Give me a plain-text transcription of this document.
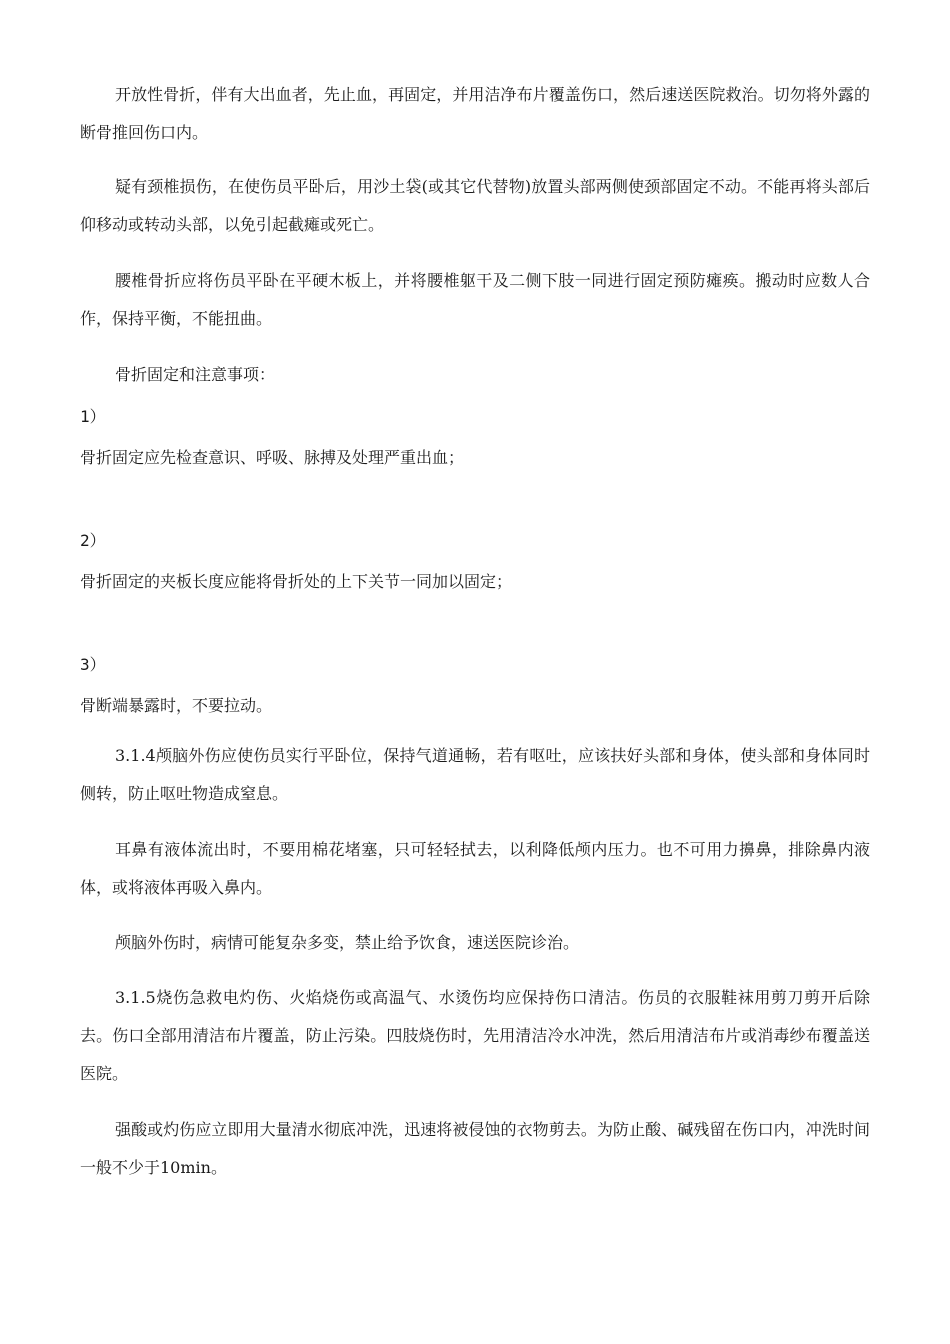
开放性骨折，伴有大出血者，先止血，再固定，并用洁净布片覆盖伤口，然后速送医院救治。切勿将外露的断骨推回伤口内。

疑有颈椎损伤，在使伤员平卧后，用沙土袋(或其它代替物)放置头部两侧使颈部固定不动。不能再将头部后仰移动或转动头部，以免引起截瘫或死亡。

腰椎骨折应将伤员平卧在平硬木板上，并将腰椎躯干及二侧下肢一同进行固定预防瘫痪。搬动时应数人合作，保持平衡，不能扭曲。

骨折固定和注意事项：

1）

骨折固定应先检查意识、呼吸、脉搏及处理严重出血；

2）

骨折固定的夹板长度应能将骨折处的上下关节一同加以固定；

3）

骨断端暴露时，不要拉动。

3.1.4颅脑外伤应使伤员实行平卧位，保持气道通畅，若有呕吐，应该扶好头部和身体，使头部和身体同时侧转，防止呕吐物造成窒息。

耳鼻有液体流出时，不要用棉花堵塞，只可轻轻拭去，以利降低颅内压力。也不可用力擤鼻，排除鼻内液体，或将液体再吸入鼻内。

颅脑外伤时，病情可能复杂多变，禁止给予饮食，速送医院诊治。

3.1.5烧伤急救电灼伤、火焰烧伤或高温气、水烫伤均应保持伤口清洁。伤员的衣服鞋袜用剪刀剪开后除去。伤口全部用清洁布片覆盖，防止污染。四肢烧伤时，先用清洁冷水冲洗，然后用清洁布片或消毒纱布覆盖送医院。

强酸或灼伤应立即用大量清水彻底冲洗，迅速将被侵蚀的衣物剪去。为防止酸、碱残留在伤口内，冲洗时间一般不少于10min。
